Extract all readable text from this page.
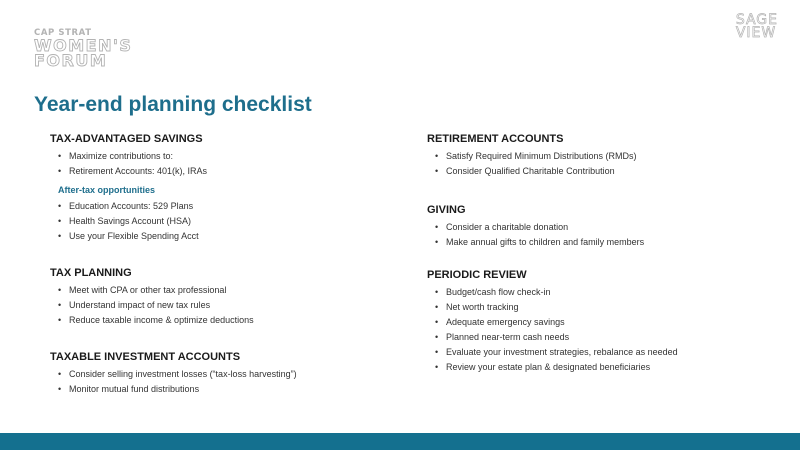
CAP STRAT
WOMEN'S
FORUM
SAGE
VIEW
Year-end planning checklist
TAX-ADVANTAGED SAVINGS
• Maximize contributions to:
• Retirement Accounts: 401(k), IRAs
After-tax opportunities
• Education Accounts: 529 Plans
• Health Savings Account (HSA)
• Use your Flexible Spending Acct
TAX PLANNING
• Meet with CPA or other tax professional
• Understand impact of new tax rules
• Reduce taxable income & optimize deductions
TAXABLE INVESTMENT ACCOUNTS
• Consider selling investment losses (“tax-loss harvesting”)
• Monitor mutual fund distributions
RETIREMENT ACCOUNTS
• Satisfy Required Minimum Distributions (RMDs)
• Consider Qualified Charitable Contribution
GIVING
• Consider a charitable donation
• Make annual gifts to children and family members
PERIODIC REVIEW
• Budget/cash flow check-in
• Net worth tracking
• Adequate emergency savings
• Planned near-term cash needs
• Evaluate your investment strategies, rebalance as needed
• Review your estate plan & designated beneficiaries
